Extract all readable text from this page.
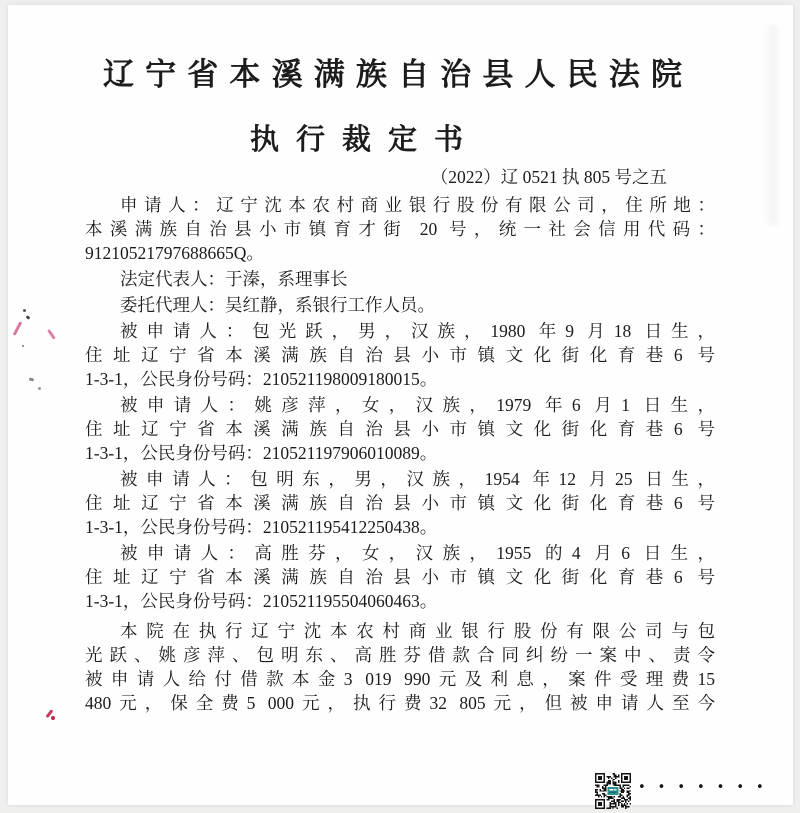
辽宁省本溪满族自治县人民法院
执行裁定书
（2022）辽 0521 执 805 号之五
申请人：辽宁沈本农村商业银行股份有限公司，住所地：
本溪满族自治县小市镇育才街 20 号，统一社会信用代码：
91210521797688665Q。
法定代表人：于溱，系理事长
委托代理人：吴红静，系银行工作人员。
被申请人：包光跃，男，汉族，1980 年9 月18 日生，
住址辽宁省本溪满族自治县小市镇文化街化育巷6 号
1-3-1，公民身份号码：210521198009180015。
被申请人：姚彦萍，女，汉族，1979 年6 月1 日生，
住址辽宁省本溪满族自治县小市镇文化街化育巷6 号
1-3-1，公民身份号码：210521197906010089。
被申请人：包明东，男，汉族，1954 年12 月25 日生，
住址辽宁省本溪满族自治县小市镇文化街化育巷6 号
1-3-1，公民身份号码：210521195412250438。
被申请人：高胜芬，女，汉族，1955 的4 月6 日生，
住址辽宁省本溪满族自治县小市镇文化街化育巷6 号
1-3-1，公民身份号码：210521195504060463。
本院在执行辽宁沈本农村商业银行股份有限公司与包
光跃、姚彦萍、包明东、高胜芬借款合同纠纷一案中、责令
被申请人给付借款本金3 019 990元及利息，案件受理费15
480元，保全费5 000元，执行费32 805元，但被申请人至今
•••••••
